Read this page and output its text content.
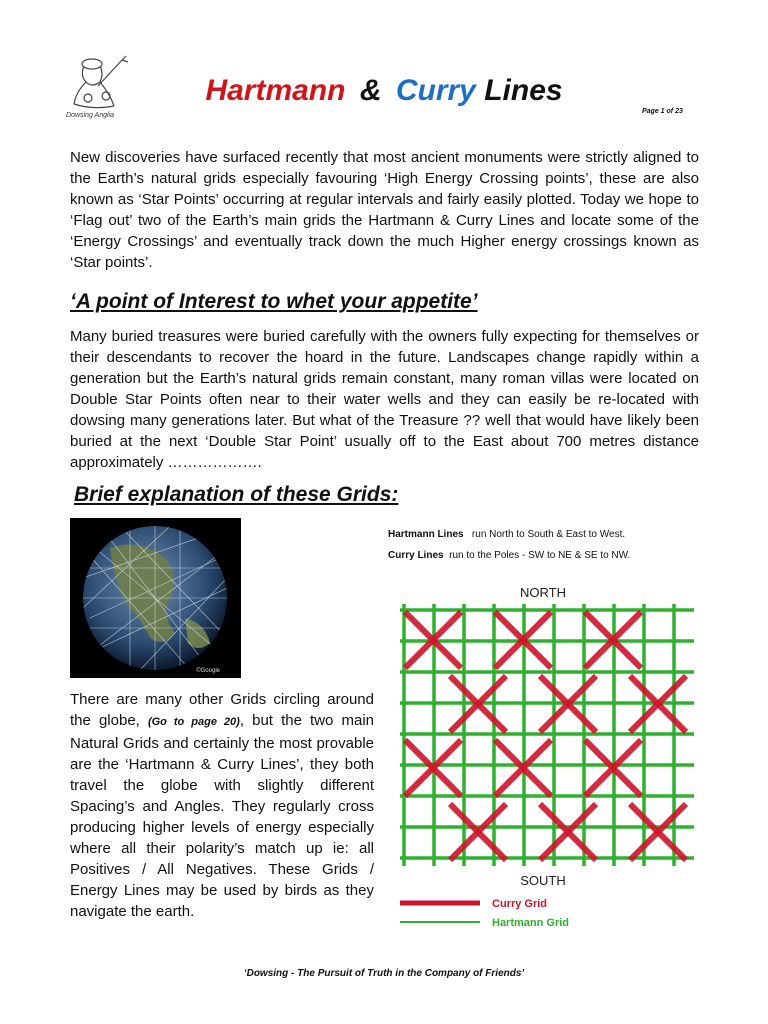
Dowsing Anglia
Hartmann & Curry Lines
Page 1 of 23
New discoveries have surfaced recently that most ancient monuments were strictly aligned to the Earth’s natural grids especially favouring ‘High Energy Crossing points’, these are also known as ‘Star Points’ occurring at regular intervals and fairly easily plotted. Today we hope to ‘Flag out’ two of the Earth’s main grids the Hartmann & Curry Lines and locate some of the ‘Energy Crossings’ and eventually track down the much Higher energy crossings known as ‘Star points’.
‘A point of Interest to whet your appetite’
Many buried treasures were buried carefully with the owners fully expecting for themselves or their descendants to recover the hoard in the future. Landscapes change rapidly within a generation but the Earth’s natural grids remain constant, many roman villas were located on Double Star Points often near to their water wells and they can easily be re-located with dowsing many generations later. But what of the Treasure ?? well that would have likely been buried at the next ‘Double Star Point’ usually off to the East about 700 metres distance approximately ……………….
Brief explanation of these Grids:
©Google
Hartmann Lines run North to South & East to West.
Curry Lines run to the Poles - SW to NE & SE to NW.
There are many other Grids circling around the globe, (Go to page 20), but the two main Natural Grids and certainly the most provable are the ‘Hartmann & Curry Lines’, they both travel the globe with slightly different Spacing’s and Angles. They regularly cross producing higher levels of energy especially where all their polarity’s match up ie: all Positives / All Negatives. These Grids / Energy Lines may be used by birds as they navigate the earth.
NORTH
SOUTH
Curry Grid
Hartmann Grid
‘Dowsing - The Pursuit of Truth in the Company of Friends’
